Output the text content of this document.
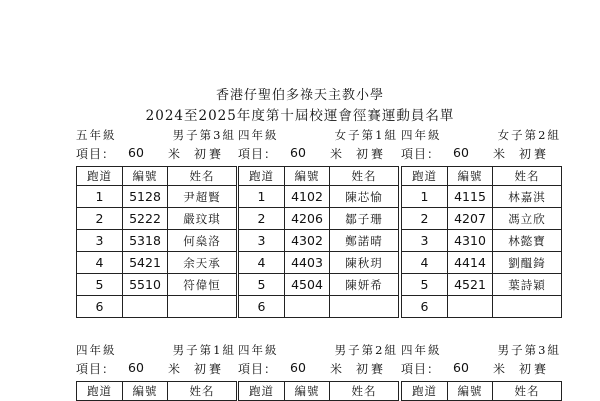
香港仔聖伯多祿天主教小學
2024至2025年度第十屆校運會徑賽運動員名單
五年級	男子第3組
項目： 60 米 初賽
跑道	編號	姓名
1	5128	尹超賢
2	5222	嚴玟琪
3	5318	何燊洛
4	5421	余天承
5	5510	符偉恒
6		
四年級	女子第1組
項目： 60 米 初賽
跑道	編號	姓名
1	4102	陳芯愉
2	4206	鄒子珊
3	4302	鄭諾晴
4	4403	陳秋玥
5	4504	陳妍希
6		
四年級	女子第2組
項目： 60 米 初賽
跑道	編號	姓名
1	4115	林嘉淇
2	4207	馮立欣
3	4310	林懿寶
4	4414	劉醞錡
5	4521	葉詩穎
6		
四年級	男子第1組
項目： 60 米 初賽
跑道	編號	姓名
四年級	男子第2組
項目： 60 米 初賽
跑道	編號	姓名
四年級	男子第3組
項目： 60 米 初賽
跑道	編號	姓名
